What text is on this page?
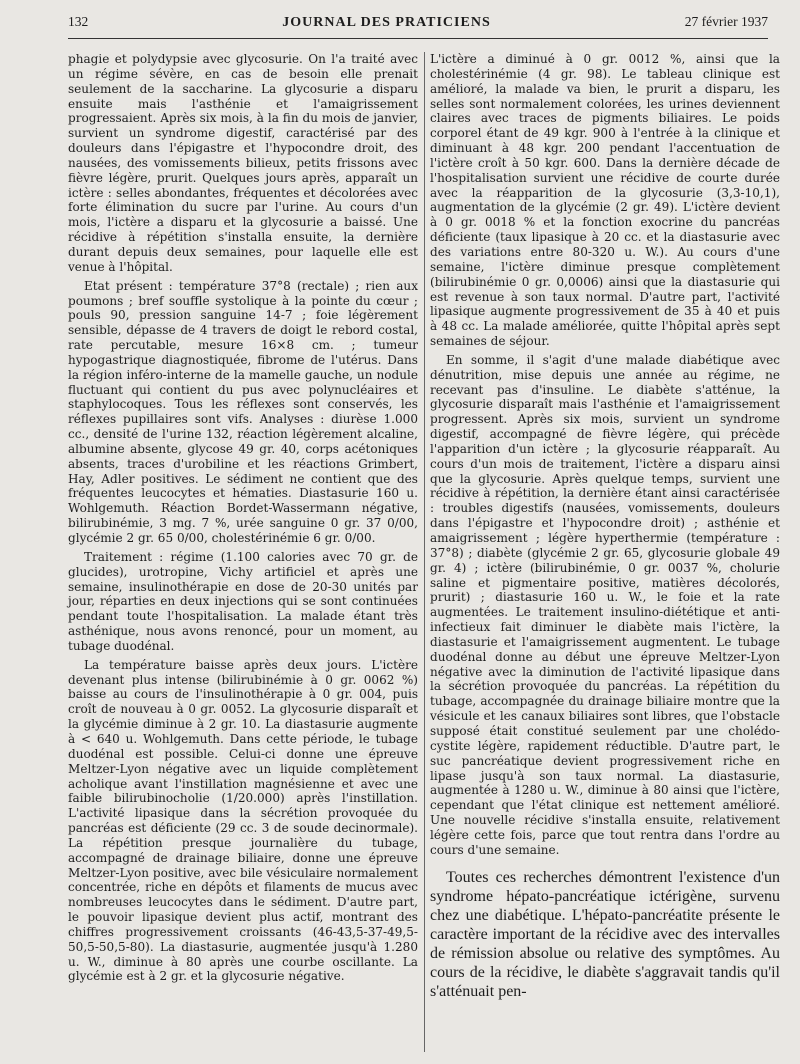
132	JOURNAL DES PRATICIENS	27 février 1937

phagie et polydypsie avec glycosurie. On l'a traité avec un régime sévère, en cas de besoin elle prenait seulement de la saccharine. La glycosurie a disparu ensuite mais l'asthénie et l'amaigrissement progressaient. Après six mois, à la fin du mois de janvier, survient un syndrome digestif, caractérisé par des douleurs dans l'épigastre et l'hypocondre droit, des nausées, des vomissements bilieux, petits frissons avec fièvre légère, prurit. Quelques jours après, apparaît un ictère : selles abondantes, fréquentes et décolorées avec forte élimination du sucre par l'urine. Au cours d'un mois, l'ictère a disparu et la glycosurie a baissé. Une récidive à répétition s'installa ensuite, la dernière durant depuis deux semaines, pour laquelle elle est venue à l'hôpital.

Etat présent : température 37°8 (rectale) ; rien aux poumons ; bref souffle systolique à la pointe du cœur ; pouls 90, pression sanguine 14-7 ; foie légèrement sensible, dépasse de 4 travers de doigt le rebord costal, rate percutable, mesure 16×8 cm. ; tumeur hypogastrique diagnostiquée, fibrome de l'utérus. Dans la région inféro-interne de la mamelle gauche, un nodule fluctuant qui contient du pus avec polynucléaires et staphylocoques. Tous les réflexes sont conservés, les réflexes pupillaires sont vifs. Analyses : diurèse 1.000 cc., densité de l'urine 132, réaction légèrement alcaline, albumine absente, glycose 49 gr. 40, corps acétoniques absents, traces d'urobiline et les réactions Grimbert, Hay, Adler positives. Le sédiment ne contient que des fréquentes leucocytes et hématies. Diastasurie 160 u. Wohlgemuth. Réaction Bordet-Wassermann négative, bilirubinémie, 3 mg. 7 %, urée sanguine 0 gr. 37 0/00, glycémie 2 gr. 65 0/00, cholestérinémie 6 gr. 0/00.

Traitement : régime (1.100 calories avec 70 gr. de glucides), urotropine, Vichy artificiel et après une semaine, insulinothérapie en dose de 20-30 unités par jour, réparties en deux injections qui se sont continuées pendant toute l'hospitalisation. La malade étant très asthénique, nous avons renoncé, pour un moment, au tubage duodénal.

La température baisse après deux jours. L'ictère devenant plus intense (bilirubinémie à 0 gr. 0062 %) baisse au cours de l'insulinothérapie à 0 gr. 004, puis croît de nouveau à 0 gr. 0052. La glycosurie disparaît et la glycémie diminue à 2 gr. 10. La diastasurie augmente à < 640 u. Wohlgemuth. Dans cette période, le tubage duodénal est possible. Celui-ci donne une épreuve Meltzer-Lyon négative avec un liquide complètement acholique avant l'instillation magnésienne et avec une faible bilirubinocholie (1/20.000) après l'instillation. L'activité lipasique dans la sécrétion provoquée du pancréas est déficiente (29 cc. 3 de soude decinormale). La répétition presque journalière du tubage, accompagné de drainage biliaire, donne une épreuve Meltzer-Lyon positive, avec bile vésiculaire normalement concentrée, riche en dépôts et filaments de mucus avec nombreuses leucocytes dans le sédiment. D'autre part, le pouvoir lipasique devient plus actif, montrant des chiffres progressivement croissants (46-43,5-37-49,5-50,5-50,5-80). La diastasurie, augmentée jusqu'à 1.280 u. W., diminue à 80 après une courbe oscillante. La glycémie est à 2 gr. et la glycosurie négative.

L'ictère a diminué à 0 gr. 0012 %, ainsi que la cholestérinémie (4 gr. 98). Le tableau clinique est amélioré, la malade va bien, le prurit a disparu, les selles sont normalement colorées, les urines deviennent claires avec traces de pigments biliaires. Le poids corporel étant de 49 kgr. 900 à l'entrée à la clinique et diminuant à 48 kgr. 200 pendant l'accentuation de l'ictère croît à 50 kgr. 600. Dans la dernière décade de l'hospitalisation survient une récidive de courte durée avec la réapparition de la glycosurie (3,3-10,1), augmentation de la glycémie (2 gr. 49). L'ictère devient à 0 gr. 0018 % et la fonction exocrine du pancréas déficiente (taux lipasique à 20 cc. et la diastasurie avec des variations entre 80-320 u. W.). Au cours d'une semaine, l'ictère diminue presque complètement (bilirubinémie 0 gr. 0,0006) ainsi que la diastasurie qui est revenue à son taux normal. D'autre part, l'activité lipasique augmente progressivement de 35 à 40 et puis à 48 cc. La malade améliorée, quitte l'hôpital après sept semaines de séjour.

En somme, il s'agit d'une malade diabétique avec dénutrition, mise depuis une année au régime, ne recevant pas d'insuline. Le diabète s'atténue, la glycosurie disparaît mais l'asthénie et l'amaigrissement progressent. Après six mois, survient un syndrome digestif, accompagné de fièvre légère, qui précède l'apparition d'un ictère ; la glycosurie réapparaît. Au cours d'un mois de traitement, l'ictère a disparu ainsi que la glycosurie. Après quelque temps, survient une récidive à répétition, la dernière étant ainsi caractérisée : troubles digestifs (nausées, vomissements, douleurs dans l'épigastre et l'hypocondre droit) ; asthénie et amaigrissement ; légère hyperthermie (température : 37°8) ; diabète (glycémie 2 gr. 65, glycosurie globale 49 gr. 4) ; ictère (bilirubinémie, 0 gr. 0037 %, cholurie saline et pigmentaire positive, matières décolorés, prurit) ; diastasurie 160 u. W., le foie et la rate augmentées. Le traitement insulino-diététique et anti-infectieux fait diminuer le diabète mais l'ictère, la diastasurie et l'amaigrissement augmentent. Le tubage duodénal donne au début une épreuve Meltzer-Lyon négative avec la diminution de l'activité lipasique dans la sécrétion provoquée du pancréas. La répétition du tubage, accompagnée du drainage biliaire montre que la vésicule et les canaux biliaires sont libres, que l'obstacle supposé était constitué seulement par une cholédo-cystite légère, rapidement réductible. D'autre part, le suc pancréatique devient progressivement riche en lipase jusqu'à son taux normal. La diastasurie, augmentée à 1280 u. W., diminue à 80 ainsi que l'ictère, cependant que l'état clinique est nettement amélioré. Une nouvelle récidive s'installa ensuite, relativement légère cette fois, parce que tout rentra dans l'ordre au cours d'une semaine.

Toutes ces recherches démontrent l'existence d'un syndrome hépato-pancréatique ictérigène, survenu chez une diabétique. L'hépato-pancréatite présente le caractère important de la récidive avec des intervalles de rémission absolue ou relative des symptômes. Au cours de la récidive, le diabète s'aggravait tandis qu'il s'atténuait pen-
